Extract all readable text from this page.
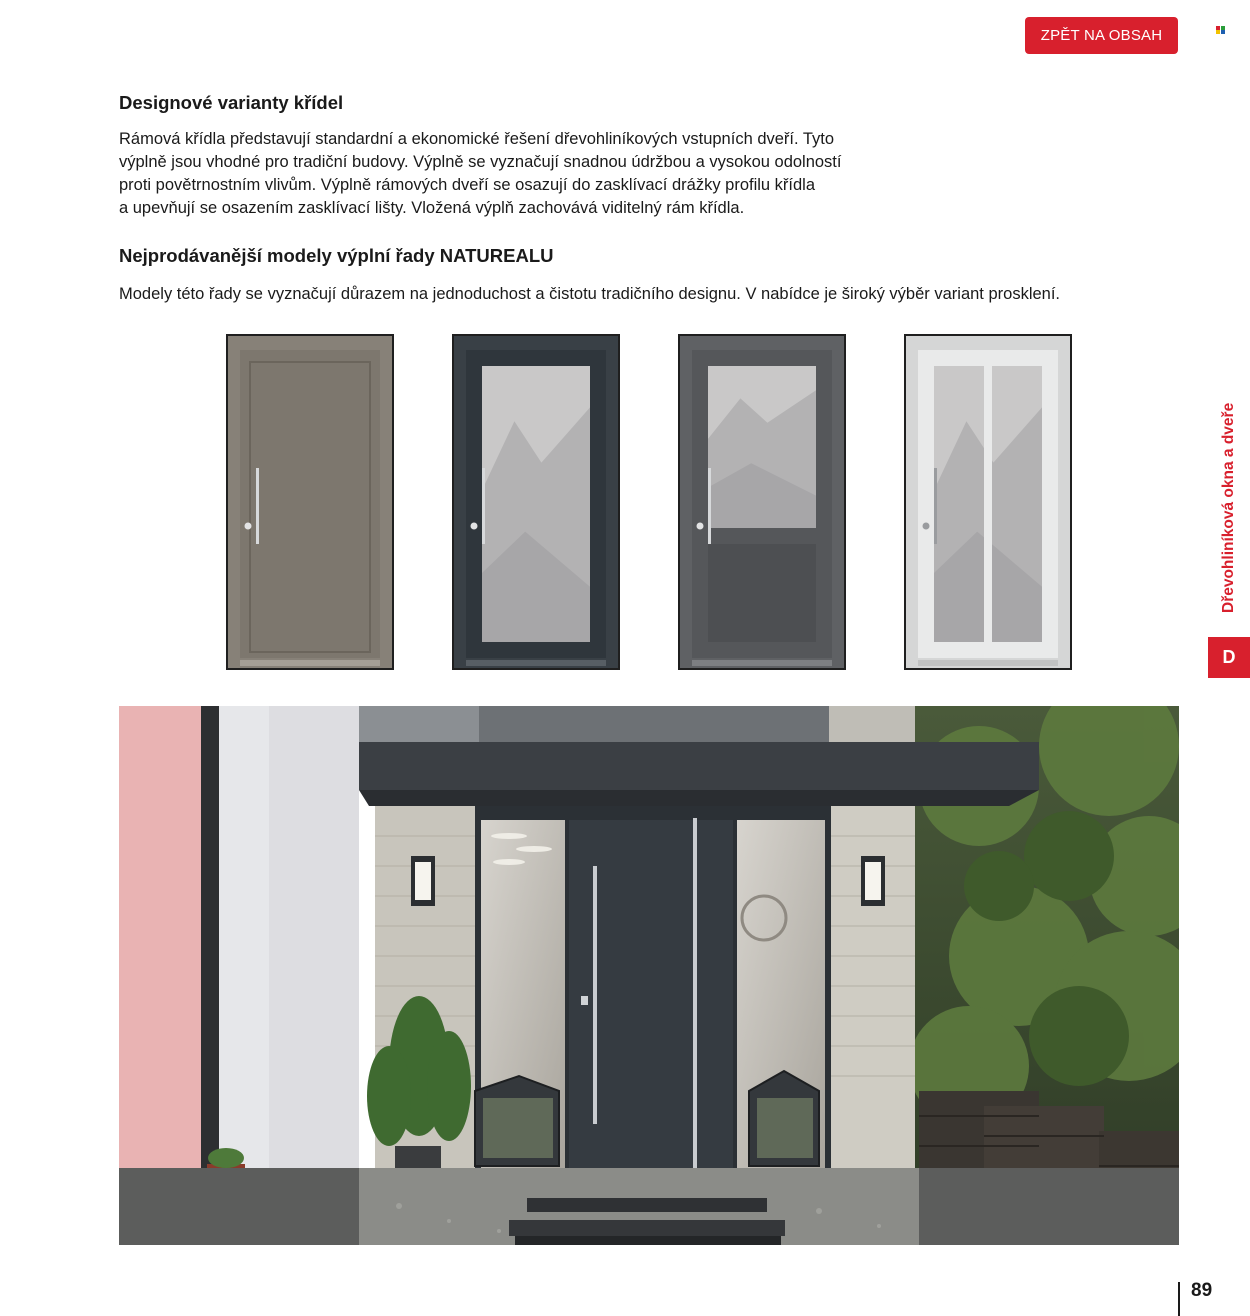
ZPĚT NA OBSAH
Designové varianty křídel
Rámová křídla představují standardní a ekonomické řešení dřevohliníkových vstupních dveří. Tyto
výplně jsou vhodné pro tradiční budovy. Výplně se vyznačují snadnou údržbou a vysokou odolností
proti povětrnostním vlivům. Výplně rámových dveří se osazují do zasklívací drážky profilu křídla
a upevňují se osazením zasklívací lišty. Vložená výplň zachovává viditelný rám křídla.
Nejprodávanější modely výplní řady NATUREALU

Modely této řady se vyznačují důrazem na jednoduchost a čistotu tradičního designu. V nabídce je široký výběr variant prosklení.

Dřevohliníková okna a dveře
D
89
